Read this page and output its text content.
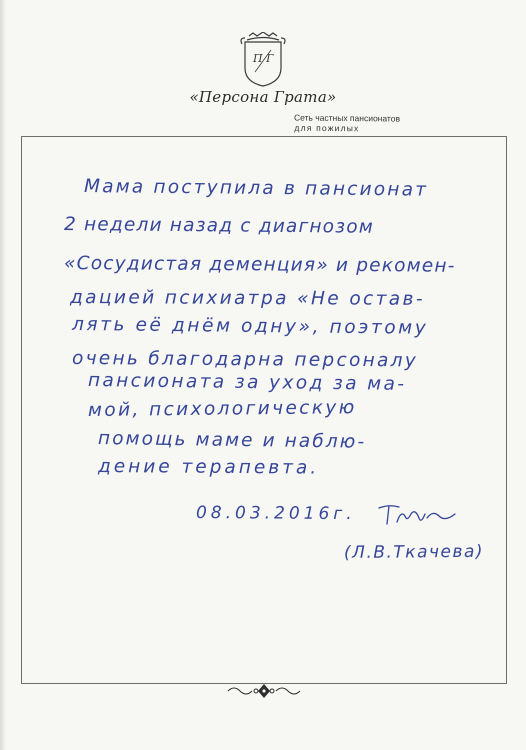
П Г
«Персона Грата»
Сеть частных пансионатов
для пожилых
Мама поступила в пансионат
2 недели назад с диагнозом
«Сосудистая деменция» и рекомен-
дацией психиатра «Не остав-
лять её днём одну», поэтому
очень благодарна персоналу
пансионата за уход за ма-
мой, психологическую
помощь маме и наблю-
дение терапевта.
08.03.2016г.
(Л.В.Ткачева)
